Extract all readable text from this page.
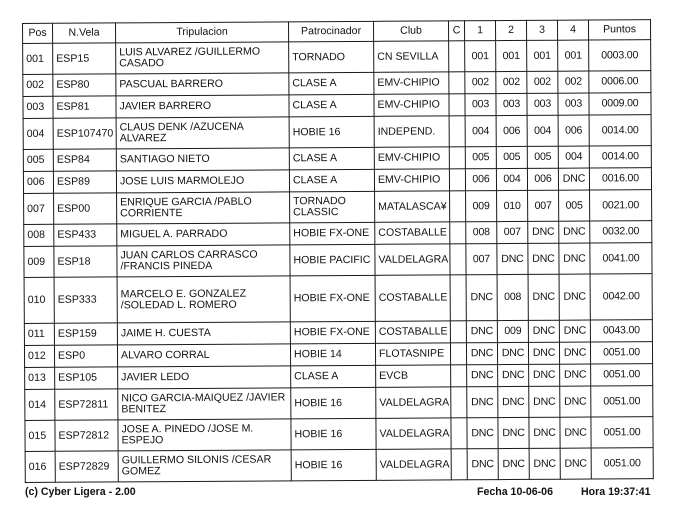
Pos	N.Vela	Tripulacion	Patrocinador	Club	C	1	2	3	4	Puntos
001	ESP15	LUIS ALVAREZ /GUILLERMO CASADO	TORNADO	CN SEVILLA		001	001	001	001	0003.00
002	ESP80	PASCUAL BARRERO	CLASE A	EMV-CHIPIO		002	002	002	002	0006.00
003	ESP81	JAVIER BARRERO	CLASE A	EMV-CHIPIO		003	003	003	003	0009.00
004	ESP107470	CLAUS DENK /AZUCENA ALVAREZ	HOBIE 16	INDEPEND.		004	006	004	006	0014.00
005	ESP84	SANTIAGO NIETO	CLASE A	EMV-CHIPIO		005	005	005	004	0014.00
006	ESP89	JOSE LUIS MARMOLEJO	CLASE A	EMV-CHIPIO		006	004	006	DNC	0016.00
007	ESP00	ENRIQUE GARCIA /PABLO CORRIENTE	TORNADO CLASSIC	MATALASCA¥		009	010	007	005	0021.00
008	ESP433	MIGUEL A. PARRADO	HOBIE FX-ONE	COSTABALLE		008	007	DNC	DNC	0032.00
009	ESP18	JUAN CARLOS CARRASCO /FRANCIS PINEDA	HOBIE PACIFIC	VALDELAGRA		007	DNC	DNC	DNC	0041.00
010	ESP333	MARCELO E. GONZALEZ /SOLEDAD L. ROMERO	HOBIE FX-ONE	COSTABALLE		DNC	008	DNC	DNC	0042.00
011	ESP159	JAIME H. CUESTA	HOBIE FX-ONE	COSTABALLE		DNC	009	DNC	DNC	0043.00
012	ESP0	ALVARO CORRAL	HOBIE 14	FLOTASNIPE		DNC	DNC	DNC	DNC	0051.00
013	ESP105	JAVIER LEDO	CLASE A	EVCB		DNC	DNC	DNC	DNC	0051.00
014	ESP72811	NICO GARCIA-MAIQUEZ /JAVIER BENITEZ	HOBIE 16	VALDELAGRA		DNC	DNC	DNC	DNC	0051.00
015	ESP72812	JOSE A. PINEDO /JOSE M. ESPEJO	HOBIE 16	VALDELAGRA		DNC	DNC	DNC	DNC	0051.00
016	ESP72829	GUILLERMO SILONIS /CESAR GOMEZ	HOBIE 16	VALDELAGRA		DNC	DNC	DNC	DNC	0051.00
(c) Cyber Ligera - 2.00	Fecha 10-06-06	Hora 19:37:41
